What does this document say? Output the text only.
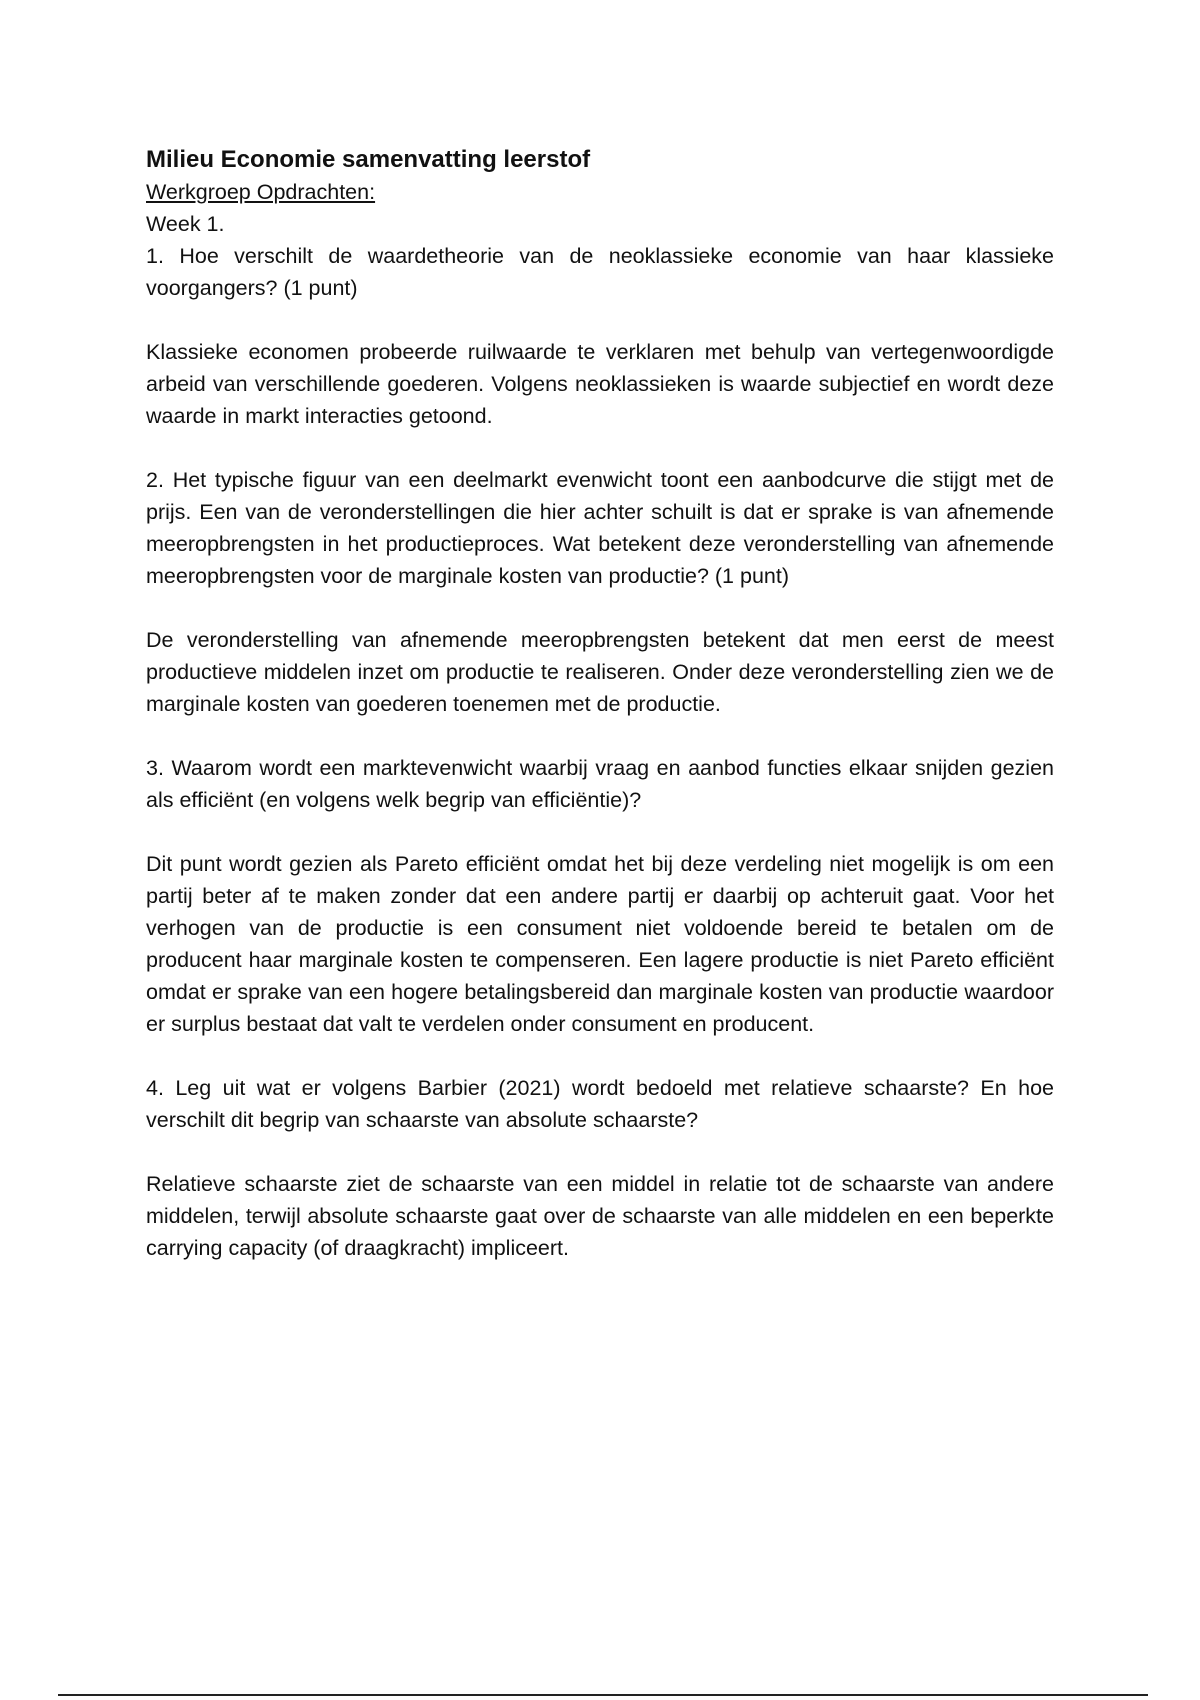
Milieu Economie samenvatting leerstof

Werkgroep Opdrachten:

Week 1.

1. Hoe verschilt de waardetheorie van de neoklassieke economie van haar klassieke voorgangers? (1 punt)

Klassieke economen probeerde ruilwaarde te verklaren met behulp van vertegenwoordigde arbeid van verschillende goederen. Volgens neoklassieken is waarde subjectief en wordt deze waarde in markt interacties getoond.

2. Het typische figuur van een deelmarkt evenwicht toont een aanbodcurve die stijgt met de prijs. Een van de veronderstellingen die hier achter schuilt is dat er sprake is van afnemende meeropbrengsten in het productieproces. Wat betekent deze veronderstelling van afnemende meeropbrengsten voor de marginale kosten van productie? (1 punt)

De veronderstelling van afnemende meeropbrengsten betekent dat men eerst de meest productieve middelen inzet om productie te realiseren. Onder deze veronderstelling zien we de marginale kosten van goederen toenemen met de productie.

3. Waarom wordt een marktevenwicht waarbij vraag en aanbod functies elkaar snijden gezien als efficiënt (en volgens welk begrip van efficiëntie)?

Dit punt wordt gezien als Pareto efficiënt omdat het bij deze verdeling niet mogelijk is om een partij beter af te maken zonder dat een andere partij er daarbij op achteruit gaat. Voor het verhogen van de productie is een consument niet voldoende bereid te betalen om de producent haar marginale kosten te compenseren. Een lagere productie is niet Pareto efficiënt omdat er sprake van een hogere betalingsbereid dan marginale kosten van productie waardoor er surplus bestaat dat valt te verdelen onder consument en producent.

4. Leg uit wat er volgens Barbier (2021) wordt bedoeld met relatieve schaarste? En hoe verschilt dit begrip van schaarste van absolute schaarste?

Relatieve schaarste ziet de schaarste van een middel in relatie tot de schaarste van andere middelen, terwijl absolute schaarste gaat over de schaarste van alle middelen en een beperkte carrying capacity (of draagkracht) impliceert.
